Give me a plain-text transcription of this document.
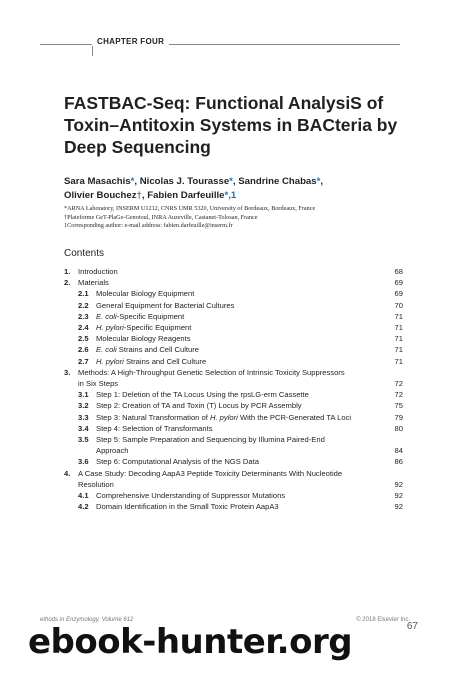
CHAPTER FOUR
FASTBAC-Seq: Functional AnalysiS of Toxin–Antitoxin Systems in BACteria by Deep Sequencing
Sara Masachis*, Nicolas J. Tourasse*, Sandrine Chabas*,
Olivier Bouchez†, Fabien Darfeuille*,1
*ARNA Laboratory, INSERM U1212, CNRS UMR 5320, University of Bordeaux, Bordeaux, France
†Plateforme GeT-PlaGe-Genotoul, INRA Auzeville, Castanet-Tolosan, France
1Corresponding author: e-mail address: fabien.darfeuille@inserm.fr
Contents
1.	Introduction	68
2.	Materials	69
2.1 Molecular Biology Equipment	69
2.2 General Equipment for Bacterial Cultures	70
2.3 E. coli-Specific Equipment	71
2.4 H. pylori-Specific Equipment	71
2.5 Molecular Biology Reagents	71
2.6 E. coli Strains and Cell Culture	71
2.7 H. pylori Strains and Cell Culture	71
3.	Methods: A High-Throughput Genetic Selection of Intrinsic Toxicity Suppressors
in Six Steps	72
3.1 Step 1: Deletion of the TA Locus Using the rpsLG-erm Cassette	72
3.2 Step 2: Creation of TA and Toxin (T) Locus by PCR Assembly	75
3.3 Step 3: Natural Transformation of H. pylori With the PCR-Generated TA Loci	79
3.4 Step 4: Selection of Transformants	80
3.5 Step 5: Sample Preparation and Sequencing by Illumina Paired-End
Approach	84
3.6 Step 6: Computational Analysis of the NGS Data	86
4.	A Case Study: Decoding AapA3 Peptide Toxicity Determinants With Nucleotide
Resolution	92
4.1 Comprehensive Understanding of Suppressor Mutations	92
4.2 Domain Identification in the Small Toxic Protein AapA3	92
ethods in Enzymology, Volume 612	© 2018 Elsevier Inc.
67
ebook-hunter.org
